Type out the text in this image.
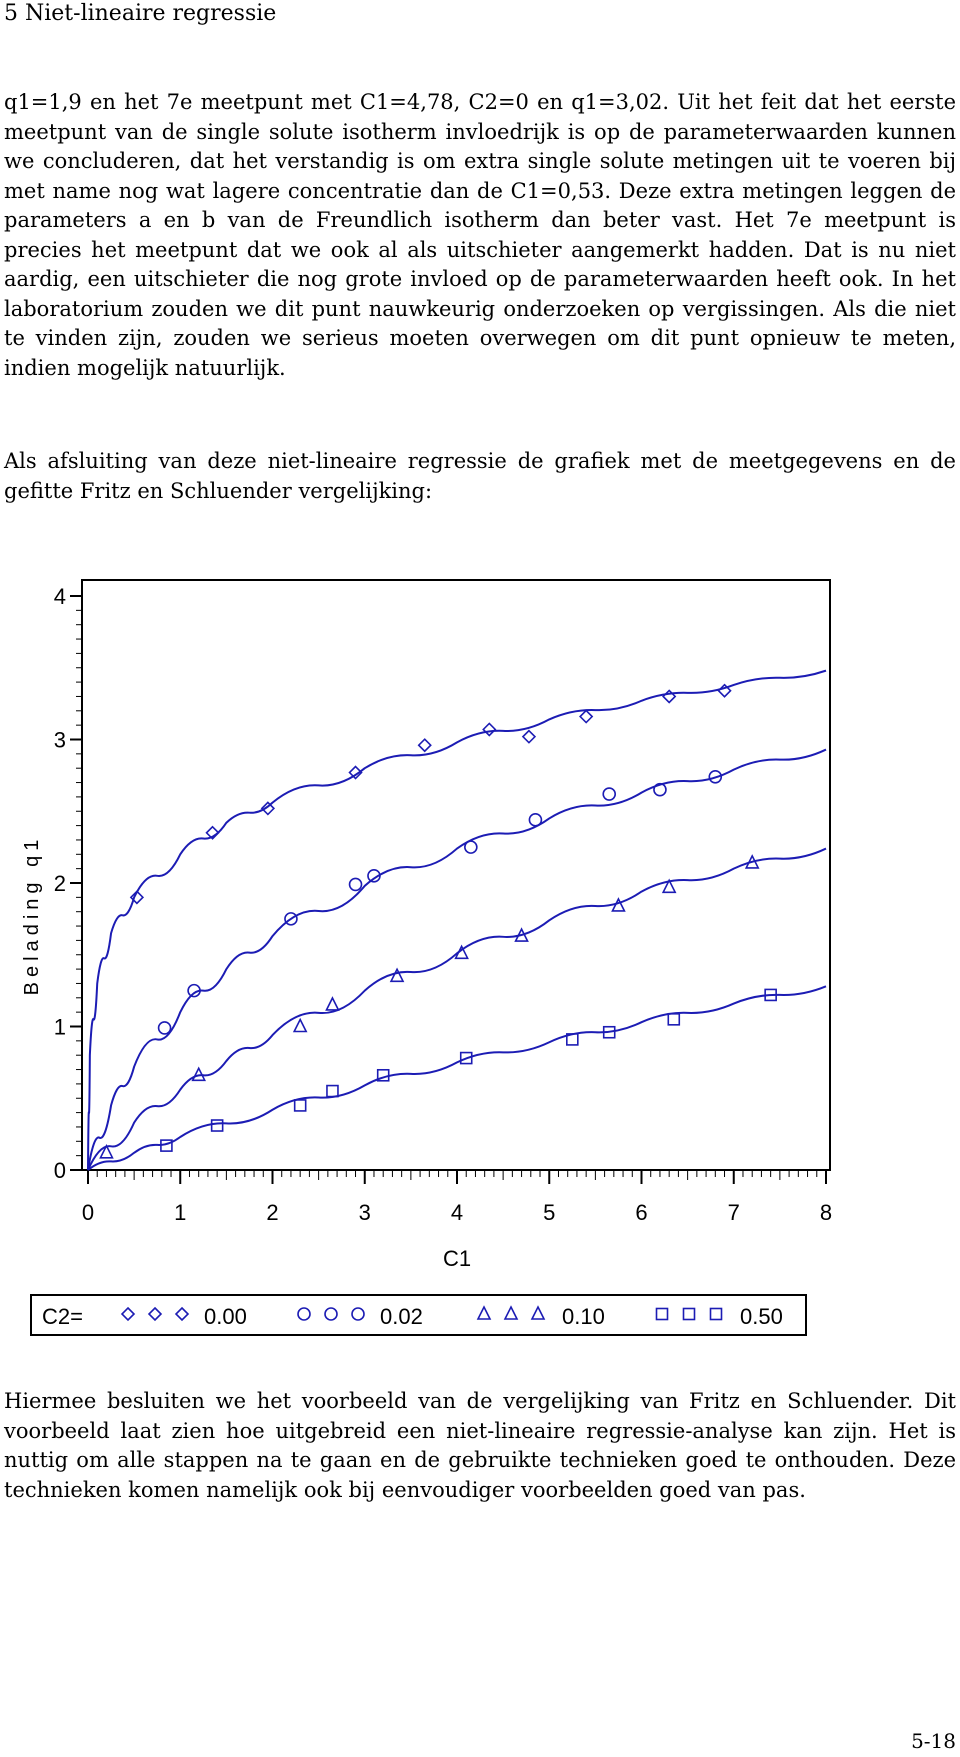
5 Niet-lineaire regressie

q1=1,9 en het 7e meetpunt met C1=4,78, C2=0 en q1=3,02. Uit het feit dat het eerste meetpunt van de single solute isotherm invloedrijk is op de parameterwaarden kunnen we concluderen, dat het verstandig is om extra single solute metingen uit te voeren bij met name nog wat lagere concentratie dan de C1=0,53. Deze extra metingen leggen de parameters a en b van de Freundlich isotherm dan beter vast. Het 7e meetpunt is precies het meetpunt dat we ook al als uitschieter aangemerkt hadden. Dat is nu niet aardig, een uitschieter die nog grote invloed op de parameterwaarden heeft ook. In het laboratorium zouden we dit punt nauwkeurig onderzoeken op vergissingen. Als die niet te vinden zijn, zouden we serieus moeten overwegen om dit punt opnieuw te meten, indien mogelijk natuurlijk.

Als afsluiting van deze niet-lineaire regressie de grafiek met de meetgegevens en de gefitte Fritz en Schluender vergelijking:

0
1
2
3
4
0	1	2	3	4	5	6	7	8
C1
Belading q1
C2=	0.00	0.02	0.10	0.50

Hiermee besluiten we het voorbeeld van de vergelijking van Fritz en Schluender. Dit voorbeeld laat zien hoe uitgebreid een niet-lineaire regressie-analyse kan zijn. Het is nuttig om alle stappen na te gaan en de gebruikte technieken goed te onthouden. Deze technieken komen namelijk ook bij eenvoudiger voorbeelden goed van pas.

5-18
